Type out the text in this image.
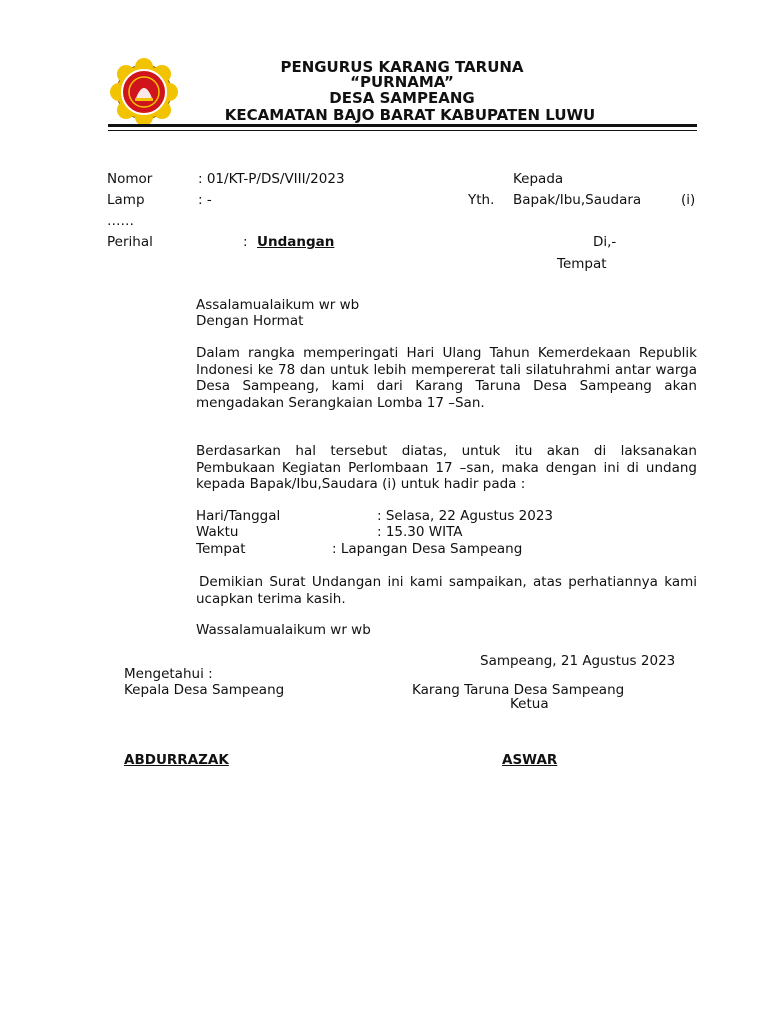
PENGURUS KARANG TARUNA
“PURNAMA”
DESA SAMPEANG
KECAMATAN BAJO BARAT KABUPATEN LUWU
Nomor	: 01/KT-P/DS/VIII/2023	Kepada
Lamp	: -	Yth. Bapak/Ibu,Saudara	(i)
……
Perihal	: Undangan	Di,-
Tempat
Assalamualaikum wr wb
Dengan Hormat
Dalam rangka memperingati Hari Ulang Tahun Kemerdekaan Republik Indonesi ke 78 dan untuk lebih mempererat tali silatuhrahmi antar warga Desa Sampeang, kami dari Karang Taruna Desa Sampeang akan mengadakan Serangkaian Lomba 17 –San.
Berdasarkan hal tersebut diatas, untuk itu akan di laksanakan Pembukaan Kegiatan Perlombaan 17 –san, maka dengan ini di undang kepada Bapak/Ibu,Saudara (i) untuk hadir pada :
Hari/Tanggal	: Selasa, 22 Agustus 2023
Waktu	: 15.30 WITA
Tempat	: Lapangan Desa Sampeang
Demikian Surat Undangan ini kami sampaikan, atas perhatiannya kami ucapkan terima kasih.
Wassalamualaikum wr wb
Sampeang, 21 Agustus 2023
Mengetahui :
Kepala Desa Sampeang	Karang Taruna Desa Sampeang
Ketua
ABDURRAZAK	ASWAR
